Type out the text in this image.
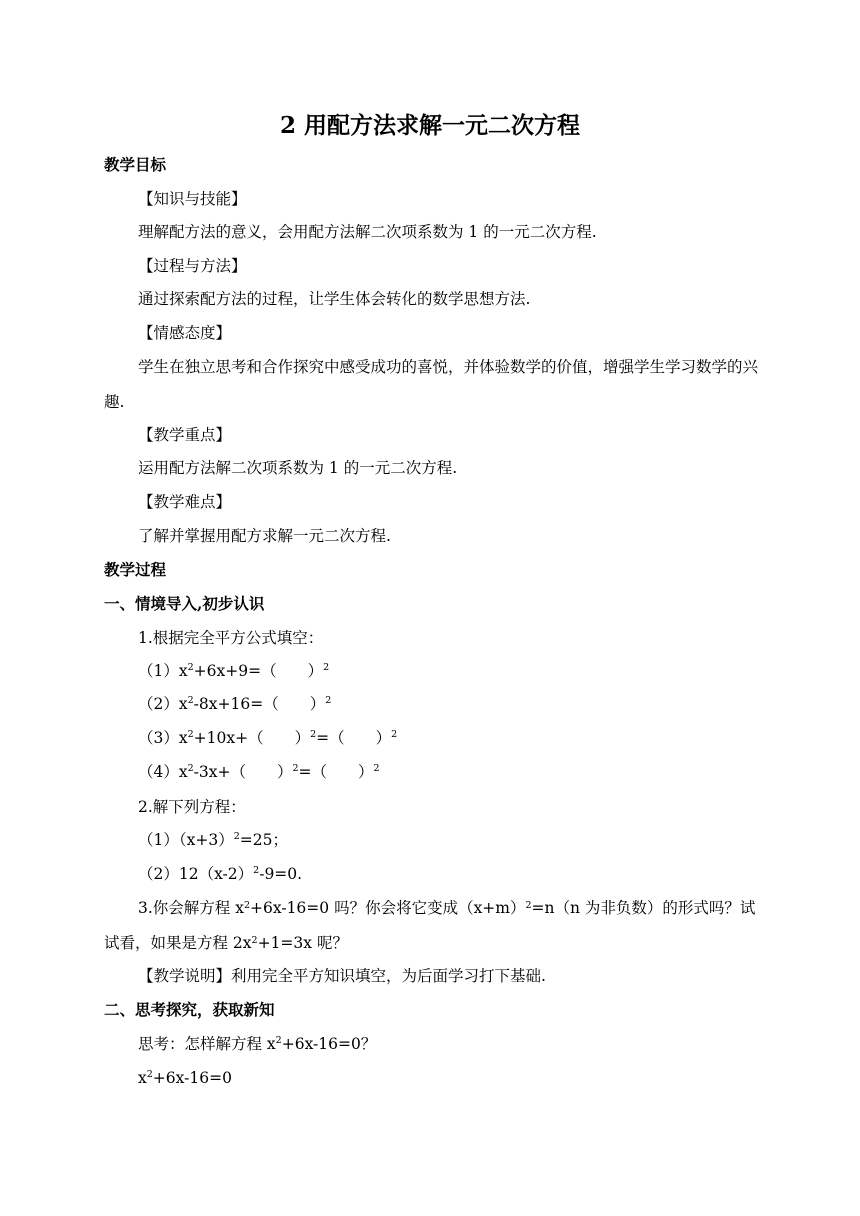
2 用配方法求解一元二次方程
教学目标
【知识与技能】
理解配方法的意义，会用配方法解二次项系数为 1 的一元二次方程.
【过程与方法】
通过探索配方法的过程，让学生体会转化的数学思想方法.
【情感态度】
学生在独立思考和合作探究中感受成功的喜悦，并体验数学的价值，增强学生学习数学的兴趣.
【教学重点】
运用配方法解二次项系数为 1 的一元二次方程.
【教学难点】
了解并掌握用配方求解一元二次方程.
教学过程
一、情境导入,初步认识
1.根据完全平方公式填空：
$(1)x^2+6x+9=$（　　）$^2$
$(2)x^2-8x+16=$（　　）$^2$
$(3)x^2+10x+$（　　）$^2$=（　　）$^2$
$(4)x^2-3x+$（　　）$^2$=（　　）$^2$
2.解下列方程：
$(1)(x+3)^2=25$；
$(2)12(x-2)^2-9=0$.
3.你会解方程 $x^2+6x-16=0$ 吗？你会将它变成$(x+m)^2=n(n$ 为非负数）的形式吗？试试看，如果是方程 $2x^2+1=3x$ 呢？
【教学说明】利用完全平方知识填空，为后面学习打下基础.
二、思考探究，获取新知
思考：怎样解方程 $x^2+6x-16=0$？
$x^2+6x-16=0$
